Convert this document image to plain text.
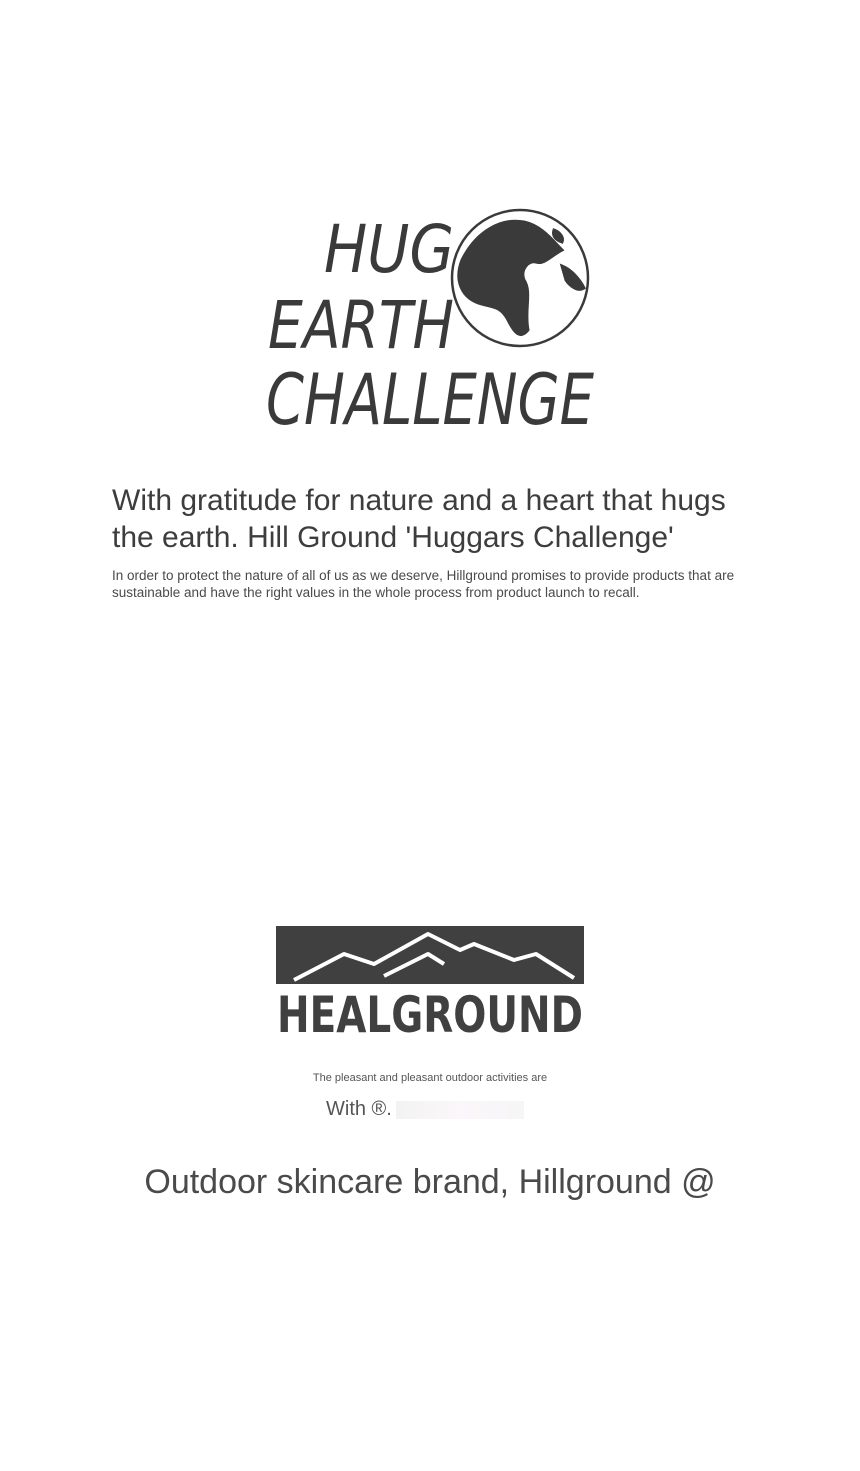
HUG
EARTH
CHALLENGE
With gratitude for nature and a heart that hugs the earth. Hill Ground 'Huggars Challenge'

In order to protect the nature of all of us as we deserve, Hillground promises to provide products that are sustainable and have the right values in the whole process from product launch to recall.

HEALGROUND
The pleasant and pleasant outdoor activities are
With ®.
Outdoor skincare brand, Hillground @
